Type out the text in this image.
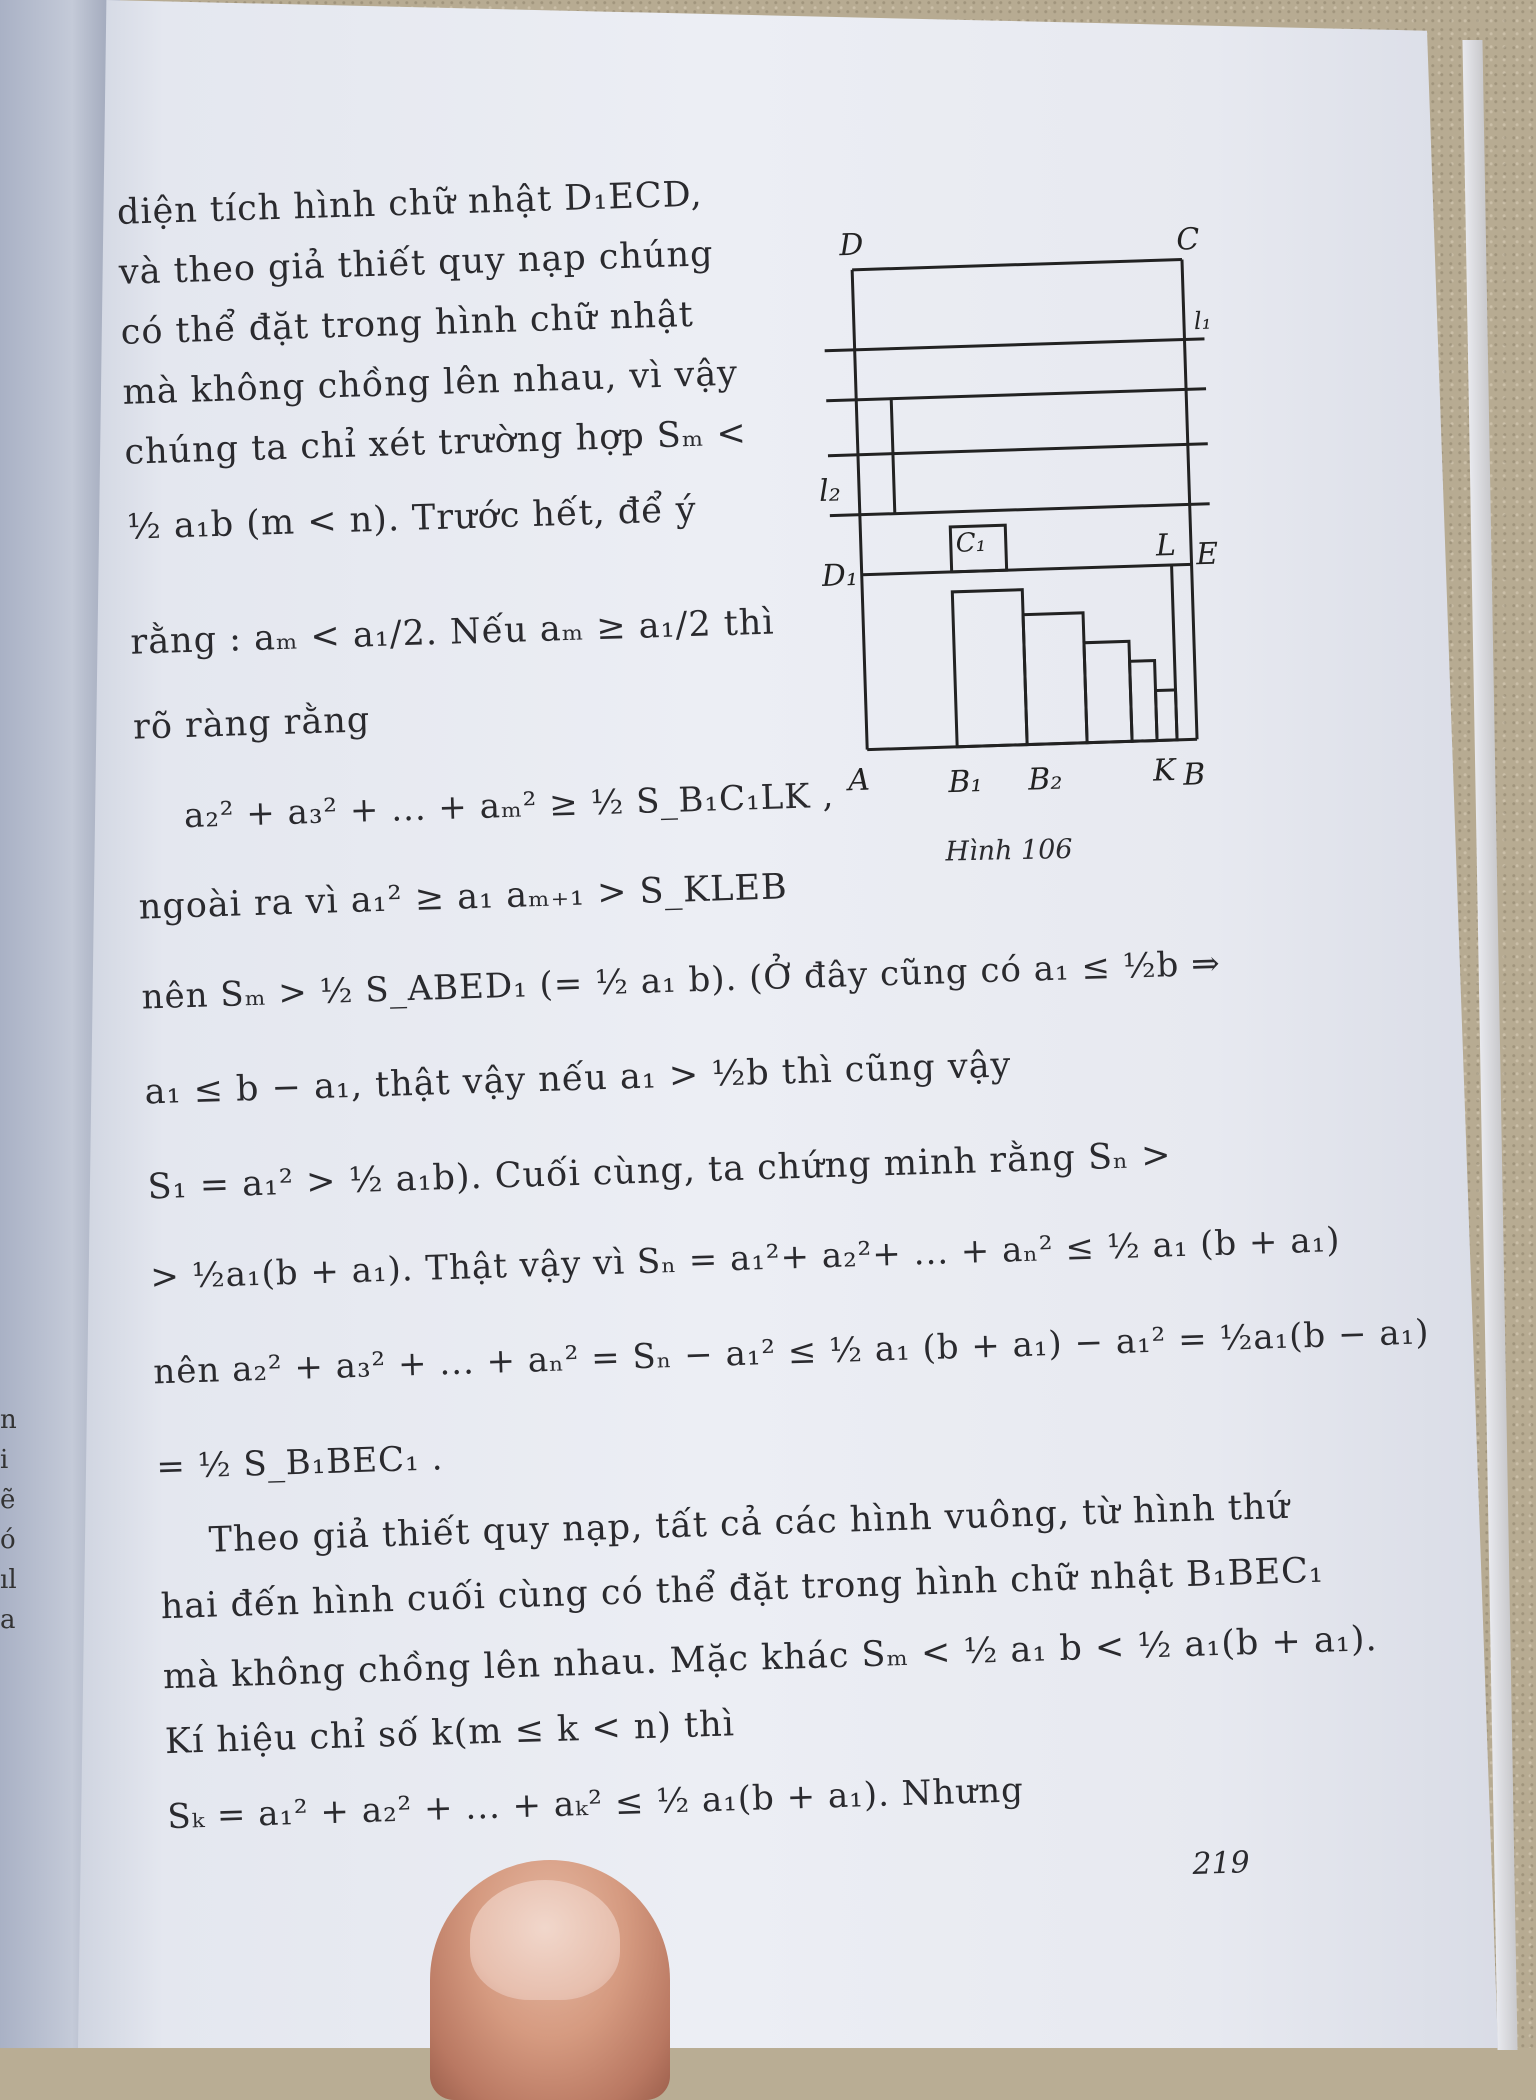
n
i
ẽ
ó
ıl
a
diện tích hình chữ nhật D₁ECD,
và theo giả thiết quy nạp chúng
có thể đặt trong hình chữ nhật
mà không chồng lên nhau, vì vậy
chúng ta chỉ xét trường hợp Sₘ <
½ a₁b (m < n). Trước hết, để ý
rằng : aₘ < a₁/2. Nếu aₘ ≥ a₁/2 thì
rõ ràng rằng
a₂² + a₃² + ... + aₘ² ≥ ½ S_B₁C₁LK ,
ngoài ra vì a₁² ≥ a₁ aₘ₊₁ > S_KLEB
nên Sₘ > ½ S_ABED₁ (= ½ a₁ b). (Ở đây cũng có a₁ ≤ ½b ⇒
a₁ ≤ b − a₁, thật vậy nếu a₁ > ½b thì cũng vậy
S₁ = a₁² > ½ a₁b). Cuối cùng, ta chứng minh rằng Sₙ >
> ½a₁(b + a₁). Thật vậy vì Sₙ = a₁²+ a₂²+ ... + aₙ² ≤ ½ a₁ (b + a₁)
nên a₂² + a₃² + ... + aₙ² = Sₙ − a₁² ≤ ½ a₁ (b + a₁) − a₁² = ½a₁(b − a₁)
= ½ S_B₁BEC₁ .
Theo giả thiết quy nạp, tất cả các hình vuông, từ hình thứ
hai đến hình cuối cùng có thể đặt trong hình chữ nhật B₁BEC₁
mà không chồng lên nhau. Mặc khác Sₘ < ½ a₁ b < ½ a₁(b + a₁).
Kí hiệu chỉ số k(m ≤ k < n) thì
Sₖ = a₁² + a₂² + ... + aₖ² ≤ ½ a₁(b + a₁). Nhưng
D	C
l₁
l₂
D₁
C₁	L E
A	B₁ B₂	K B
Hình 106
219
